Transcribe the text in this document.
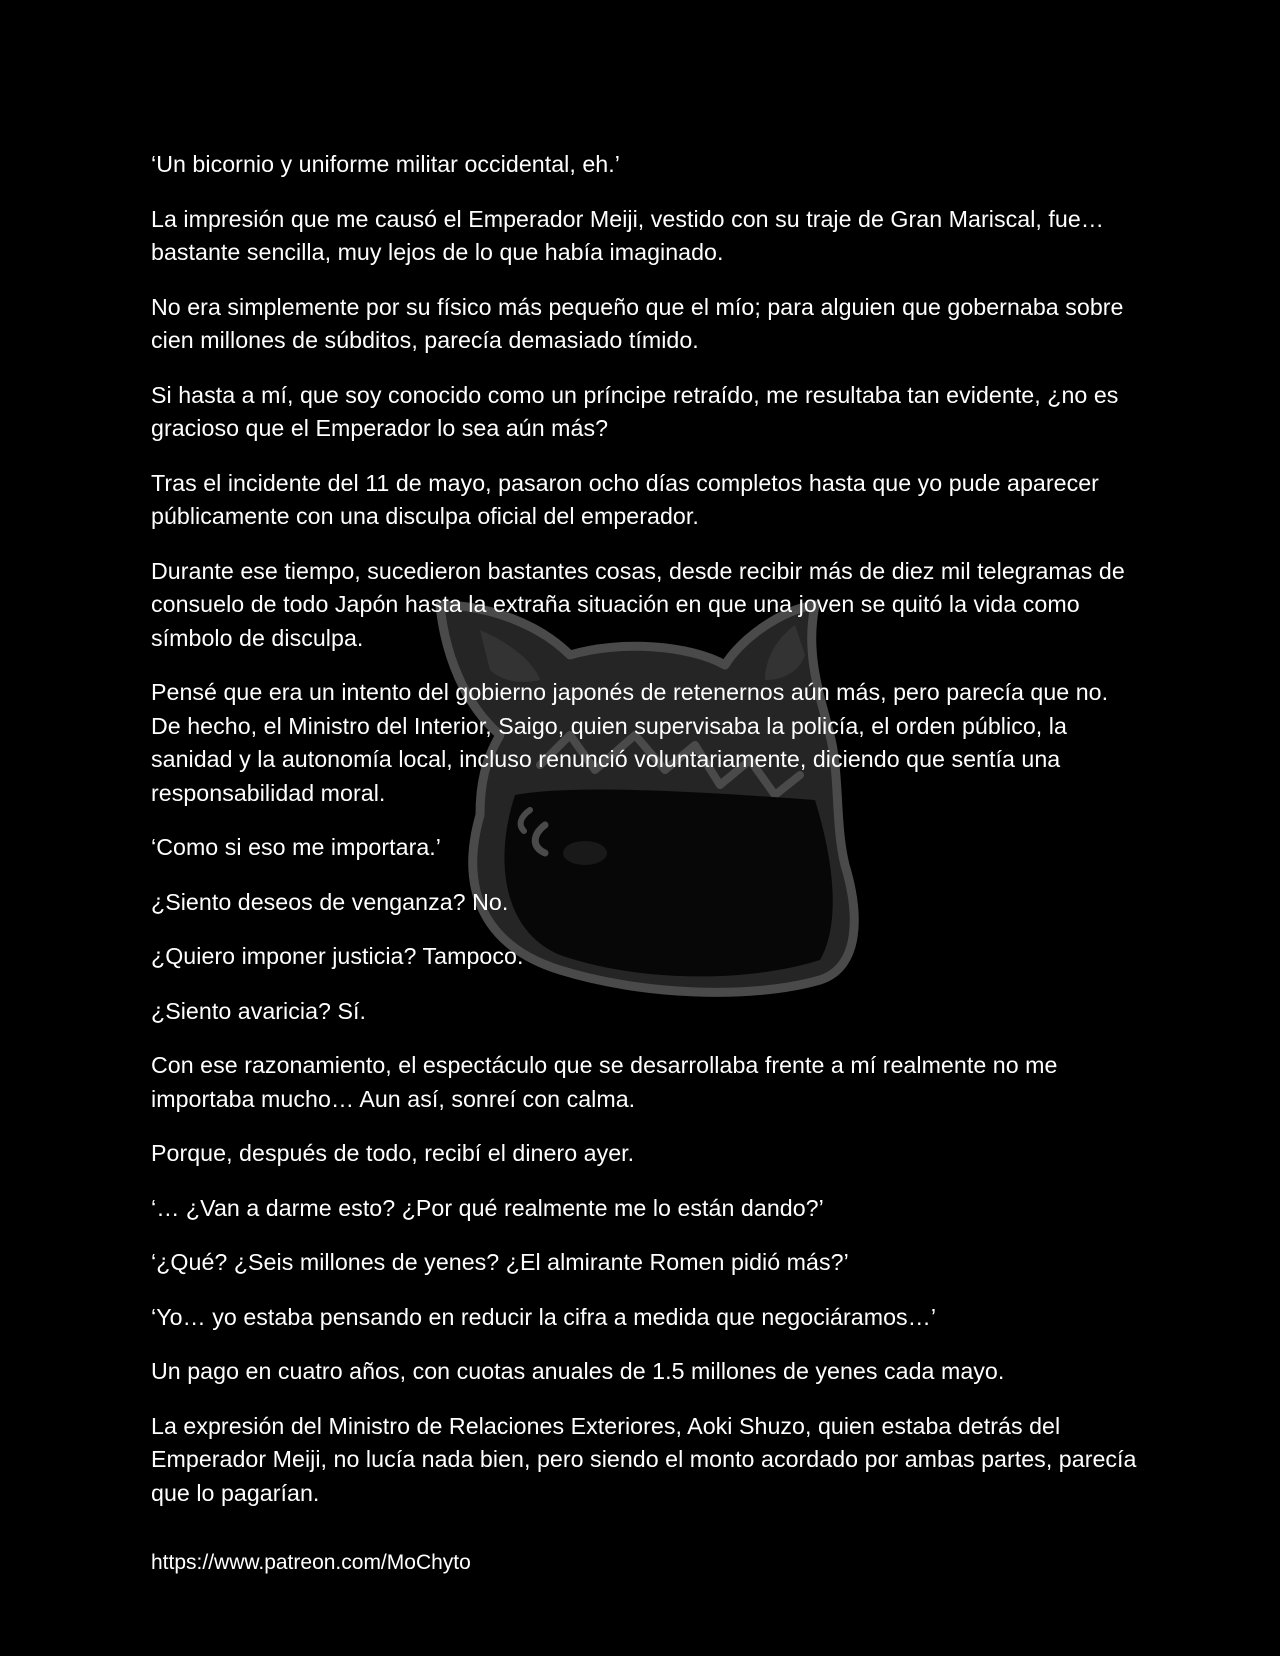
‘Un bicornio y uniforme militar occidental, eh.’

La impresión que me causó el Emperador Meiji, vestido con su traje de Gran Mariscal, fue… bastante sencilla, muy lejos de lo que había imaginado.

No era simplemente por su físico más pequeño que el mío; para alguien que gobernaba sobre cien millones de súbditos, parecía demasiado tímido.

Si hasta a mí, que soy conocido como un príncipe retraído, me resultaba tan evidente, ¿no es gracioso que el Emperador lo sea aún más?

Tras el incidente del 11 de mayo, pasaron ocho días completos hasta que yo pude aparecer públicamente con una disculpa oficial del emperador.

Durante ese tiempo, sucedieron bastantes cosas, desde recibir más de diez mil telegramas de consuelo de todo Japón hasta la extraña situación en que una joven se quitó la vida como símbolo de disculpa.

Pensé que era un intento del gobierno japonés de retenernos aún más, pero parecía que no. De hecho, el Ministro del Interior, Saigo, quien supervisaba la policía, el orden público, la sanidad y la autonomía local, incluso renunció voluntariamente, diciendo que sentía una responsabilidad moral.

‘Como si eso me importara.’

¿Siento deseos de venganza? No.

¿Quiero imponer justicia? Tampoco.

¿Siento avaricia? Sí.

Con ese razonamiento, el espectáculo que se desarrollaba frente a mí realmente no me importaba mucho… Aun así, sonreí con calma.

Porque, después de todo, recibí el dinero ayer.

‘… ¿Van a darme esto? ¿Por qué realmente me lo están dando?’

‘¿Qué? ¿Seis millones de yenes? ¿El almirante Romen pidió más?’

‘Yo… yo estaba pensando en reducir la cifra a medida que negociáramos…’

Un pago en cuatro años, con cuotas anuales de 1.5 millones de yenes cada mayo.

La expresión del Ministro de Relaciones Exteriores, Aoki Shuzo, quien estaba detrás del Emperador Meiji, no lucía nada bien, pero siendo el monto acordado por ambas partes, parecía que lo pagarían.

https://www.patreon.com/MoChyto
